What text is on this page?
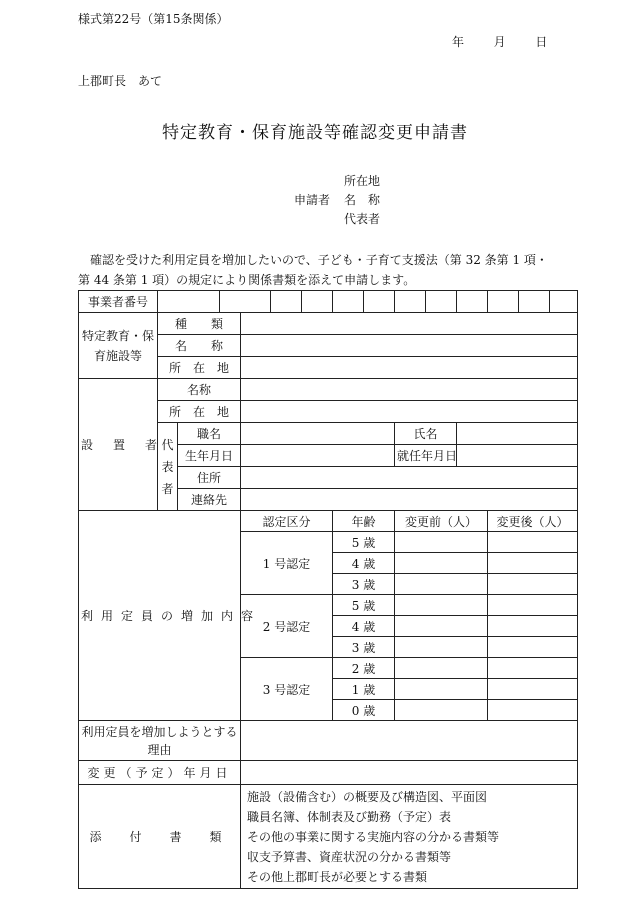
様式第22号（第15条関係）
年 月 日
上郡町長　あて
特定教育・保育施設等確認変更申請書
所在地
申請者 名　称
代表者

確認を受けた利用定員を増加したいので、子ども・子育て支援法（第 32 条第 1 項・第 44 条第 1 項）の規定により関係書類を添えて申請します。

事業者番号														
特定教育・保育施設等	種　　類													
	名　　称													
	所　在　地													
設　置　者	名称													
	所　在　地													
	代表者	職名							氏名					
		生年月日							就任年月日					
		住所												
		連絡先												
利用定員の増加内容				認定区分			年齢		変更前（人）			変更後（人）		
				1 号認定			5 歳							
							4 歳							
							3 歳							
				2 号認定			5 歳							
							4 歳							
							3 歳							
				3 号認定			2 歳							
							1 歳							
							0 歳							
利用定員を増加しようとする理由														
変更（予定）年月日														
添　付　書　類				施設（設備含む）の概要及び構造図、平面図
職員名簿、体制表及び勤務（予定）表
その他の事業に関する実施内容の分かる書類等
収支予算書、資産状況の分かる書類等
その他上郡町長が必要とする書類										
